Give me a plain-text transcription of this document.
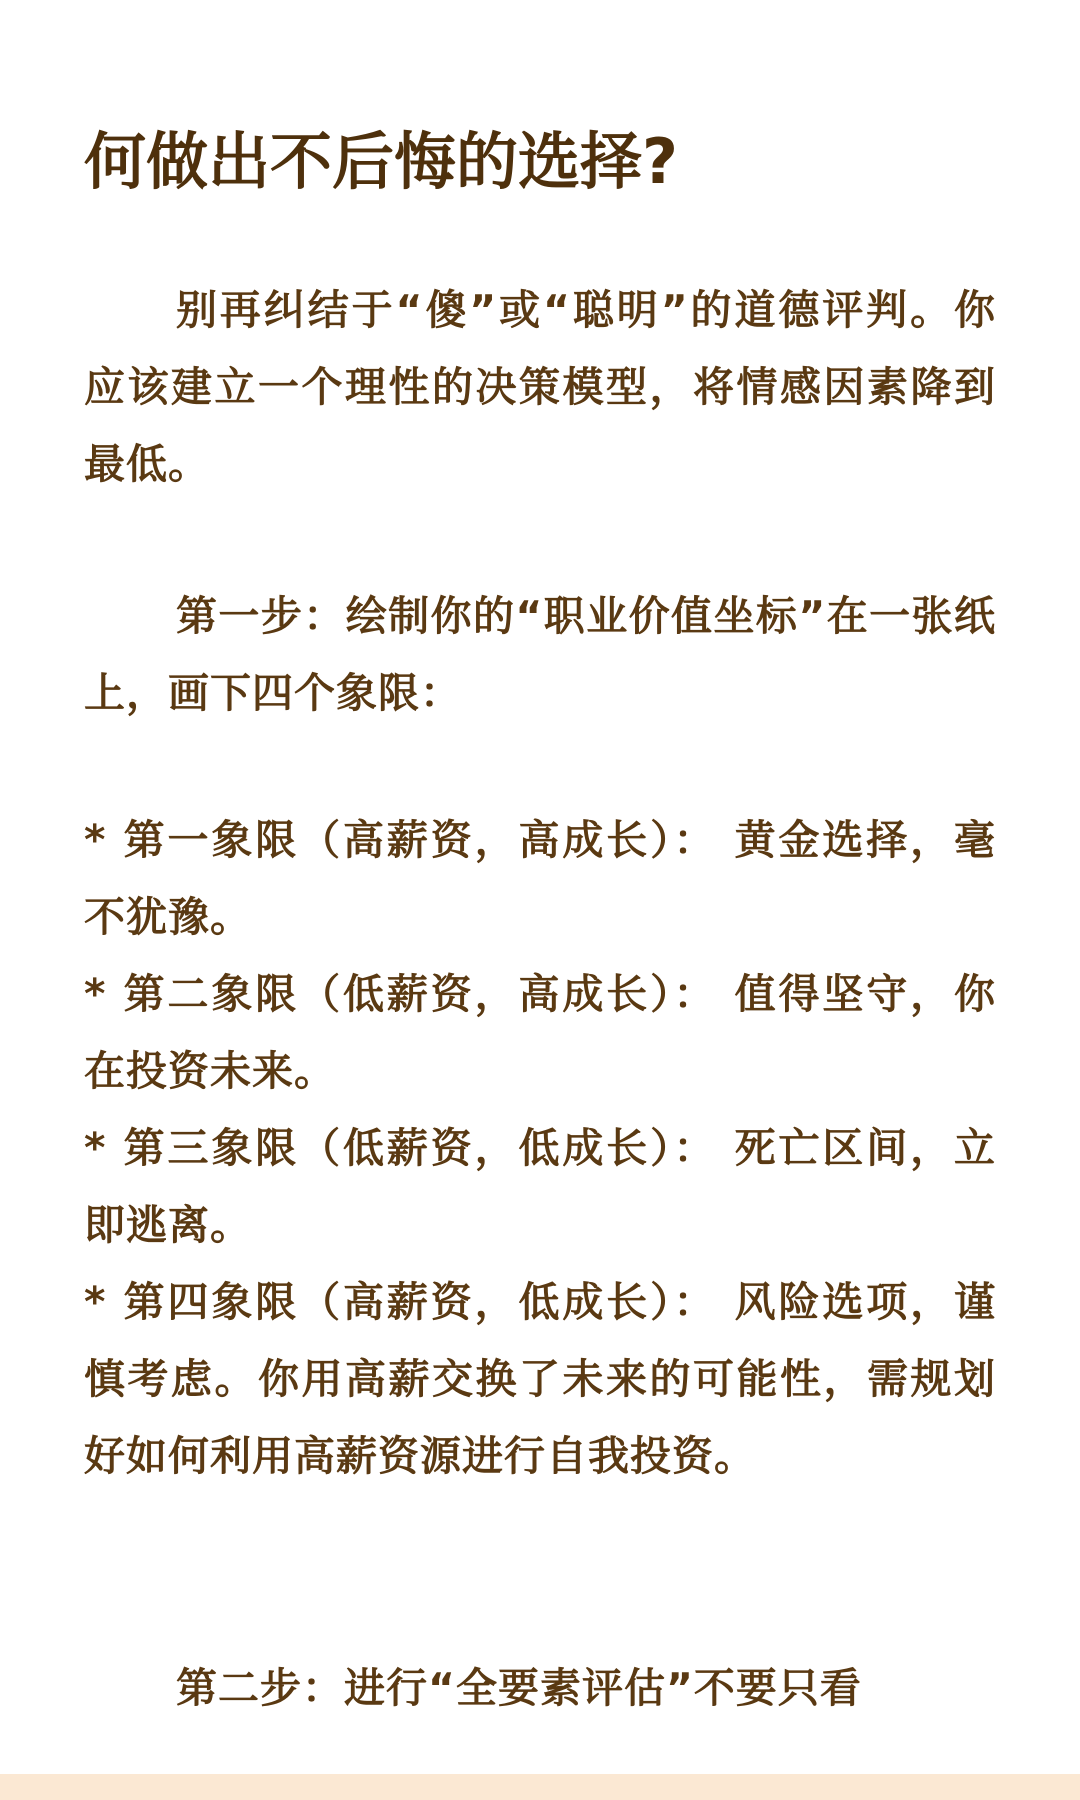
何做出不后悔的选择?

别再纠结于“傻”或“聪明”的道德评判。你应该建立一个理性的决策模型，将情感因素降到最低。

第一步：绘制你的“职业价值坐标”在一张纸上，画下四个象限：

* 第一象限（高薪资，高成长）： 黄金选择，毫不犹豫。
* 第二象限（低薪资，高成长）： 值得坚守，你在投资未来。
* 第三象限（低薪资，低成长）： 死亡区间，立即逃离。
* 第四象限（高薪资，低成长）： 风险选项，谨慎考虑。你用高薪交换了未来的可能性，需规划好如何利用高薪资源进行自我投资。

第二步：进行“全要素评估”不要只看
